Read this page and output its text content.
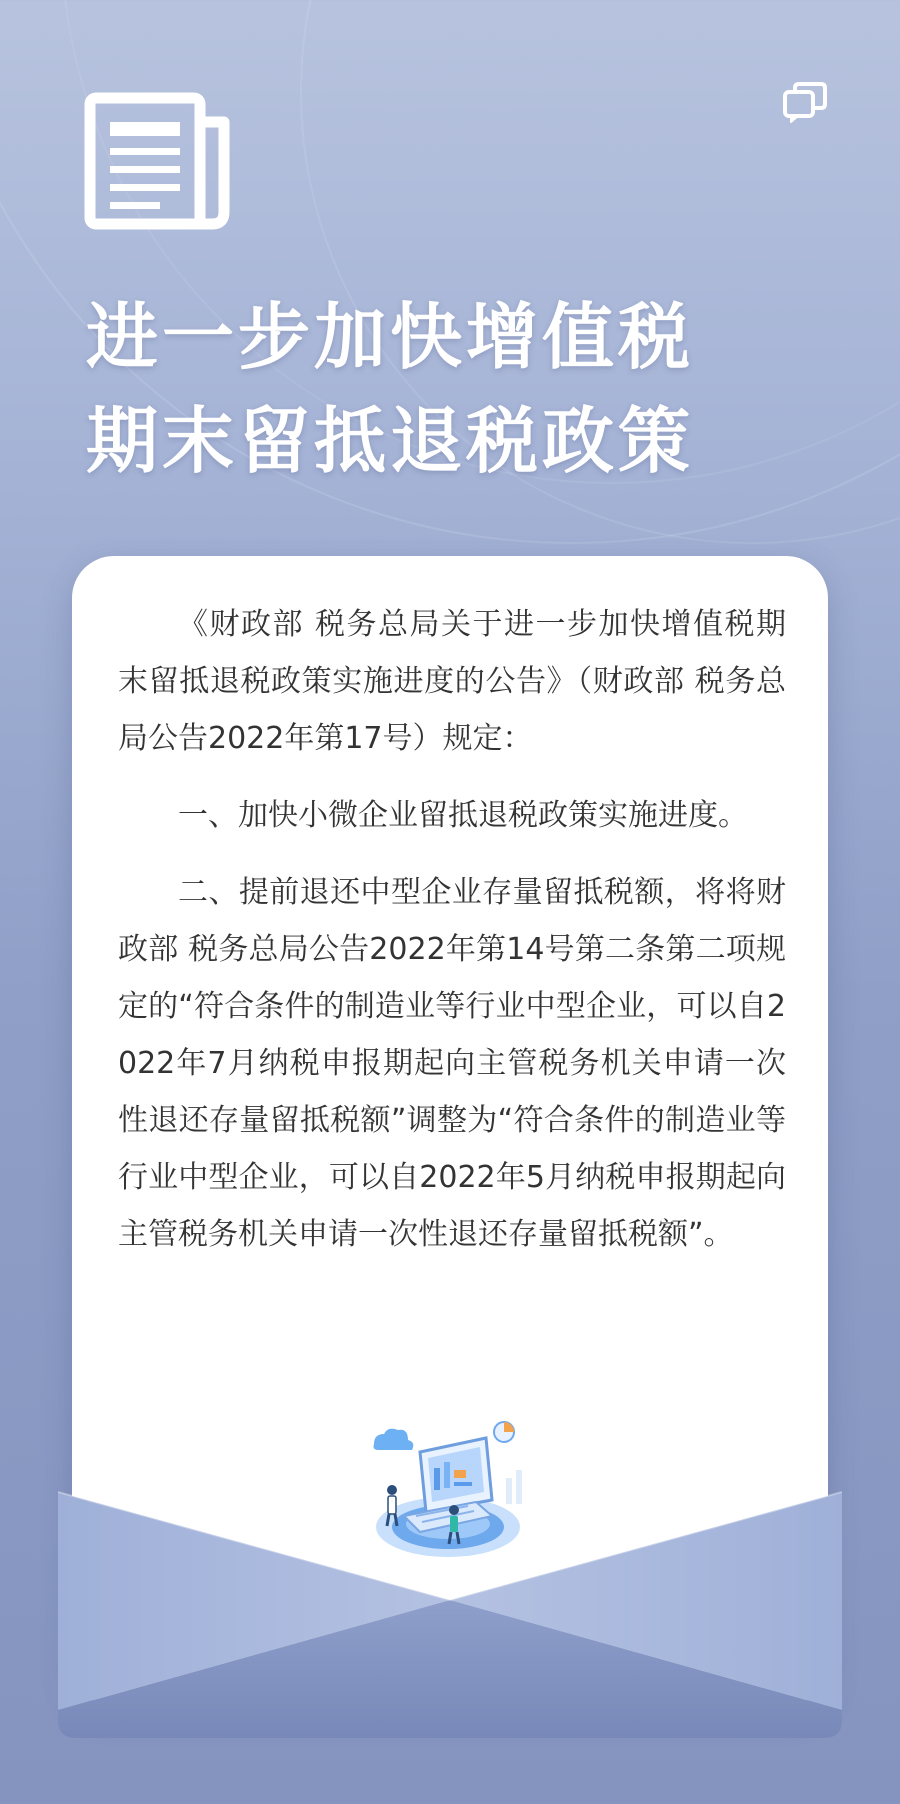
进一步加快增值税
期末留抵退税政策

《财政部 税务总局关于进一步加快增值税期末留抵退税政策实施进度的公告》（财政部 税务总局公告2022年第17号）规定：

一、加快小微企业留抵退税政策实施进度。

二、提前退还中型企业存量留抵税额，将将财政部 税务总局公告2022年第14号第二条第二项规定的“符合条件的制造业等行业中型企业，可以自2022年7月纳税申报期起向主管税务机关申请一次性退还存量留抵税额”调整为“符合条件的制造业等行业中型企业，可以自2022年5月纳税申报期起向主管税务机关申请一次性退还存量留抵税额”。
